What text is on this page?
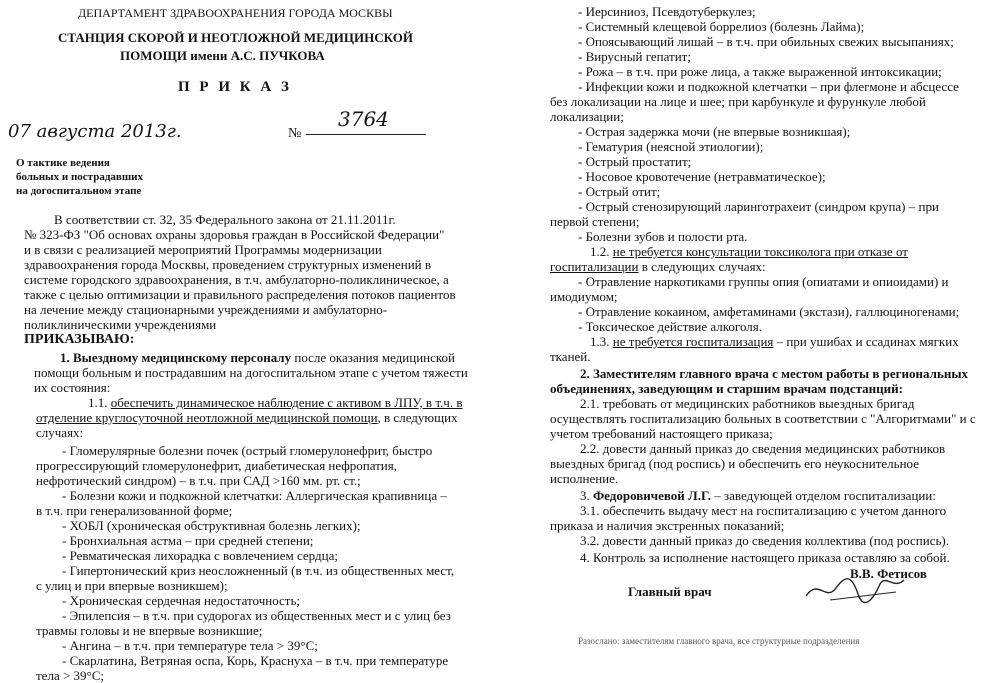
ДЕПАРТАМЕНТ ЗДРАВООХРАНЕНИЯ ГОРОДА МОСКВЫ
СТАНЦИЯ СКОРОЙ И НЕОТЛОЖНОЙ МЕДИЦИНСКОЙ
ПОМОЩИ имени А.С. ПУЧКОВА
П Р И К А З
07 августа 2013г.	№
3764
О тактике ведения
больных и пострадавших
на догоспитальном этапе
В соответствии ст. 32, 35 Федерального закона от 21.11.2011г.
№ 323-ФЗ "Об основах охраны здоровья граждан в Российской Федерации"
и в связи с реализацией мероприятий Программы модернизации
здравоохранения города Москвы, проведением структурных изменений в
системе городского здравоохранения, в т.ч. амбулаторно-поликлиническое, а
также с целью оптимизации и правильного распределения потоков пациентов
на лечение между стационарными учреждениями и амбулаторно-
поликлиническими учреждениями
ПРИКАЗЫВАЮ:
1. Выездному медицинскому персоналу после оказания медицинской
помощи больным и пострадавшим на догоспитальном этапе с учетом тяжести
их состояния:
1.1. обеспечить динамическое наблюдение с активом в ЛПУ, в т.ч. в
отделение круглосуточной неотложной медицинской помощи, в следующих
случаях:
- Гломерулярные болезни почек (острый гломерулонефрит, быстро
прогрессирующий гломерулонефрит, диабетическая нефропатия,
нефротический синдром) – в т.ч. при САД >160 мм. рт. ст.;
- Болезни кожи и подкожной клетчатки: Аллергическая крапивница –
в т.ч. при генерализованной форме;
- ХОБЛ (хроническая обструктивная болезнь легких);
- Бронхиальная астма – при средней степени;
- Ревматическая лихорадка с вовлечением сердца;
- Гипертонический криз неосложненный (в т.ч. из общественных мест,
с улиц и при впервые возникшем);
- Хроническая сердечная недостаточность;
- Эпилепсия – в т.ч. при судорогах из общественных мест и с улиц без
травмы головы и не впервые возникшие;
- Ангина – в т.ч. при температуре тела > 39°С;
- Скарлатина, Ветряная оспа, Корь, Краснуха – в т.ч. при температуре
тела > 39°С;
- Иерсиниоз, Псевдотуберкулез;
- Системный клещевой боррелиоз (болезнь Лайма);
- Опоясывающий лишай – в т.ч. при обильных свежих высыпаниях;
- Вирусный гепатит;
- Рожа – в т.ч. при роже лица, а также выраженной интоксикации;
- Инфекции кожи и подкожной клетчатки – при флегмоне и абсцессе
без локализации на лице и шее; при карбункуле и фурункуле любой
локализации;
- Острая задержка мочи (не впервые возникшая);
- Гематурия (неясной этиологии);
- Острый простатит;
- Носовое кровотечение (нетравматическое);
- Острый отит;
- Острый стенозирующий ларинготрахеит (синдром крупа) – при
первой степени;
- Болезни зубов и полости рта.
1.2. не требуется консультации токсиколога при отказе от
госпитализации в следующих случаях:
- Отравление наркотиками группы опия (опиатами и опиоидами) и
имодиумом;
- Отравление кокаином, амфетаминами (экстази), галлюциногенами;
- Токсическое действие алкоголя.
1.3. не требуется госпитализация – при ушибах и ссадинах мягких
тканей.
2. Заместителям главного врача с местом работы в региональных
объединениях, заведующим и старшим врачам подстанций:
2.1. требовать от медицинских работников выездных бригад
осуществлять госпитализацию больных в соответствии с "Алгоритмами" и с
учетом требований настоящего приказа;
2.2. довести данный приказ до сведения медицинских работников
выездных бригад (под роспись) и обеспечить его неукоснительное
исполнение.
3. Федоровичевой Л.Г. – заведующей отделом госпитализации:
3.1. обеспечить выдачу мест на госпитализацию с учетом данного
приказа и наличия экстренных показаний;
3.2. довести данный приказ до сведения коллектива (под роспись).
4. Контроль за исполнение настоящего приказа оставляю за собой.
Главный врач
В.В. Фетисов
Разослано: заместителям главного врача, все структурные подразделения
